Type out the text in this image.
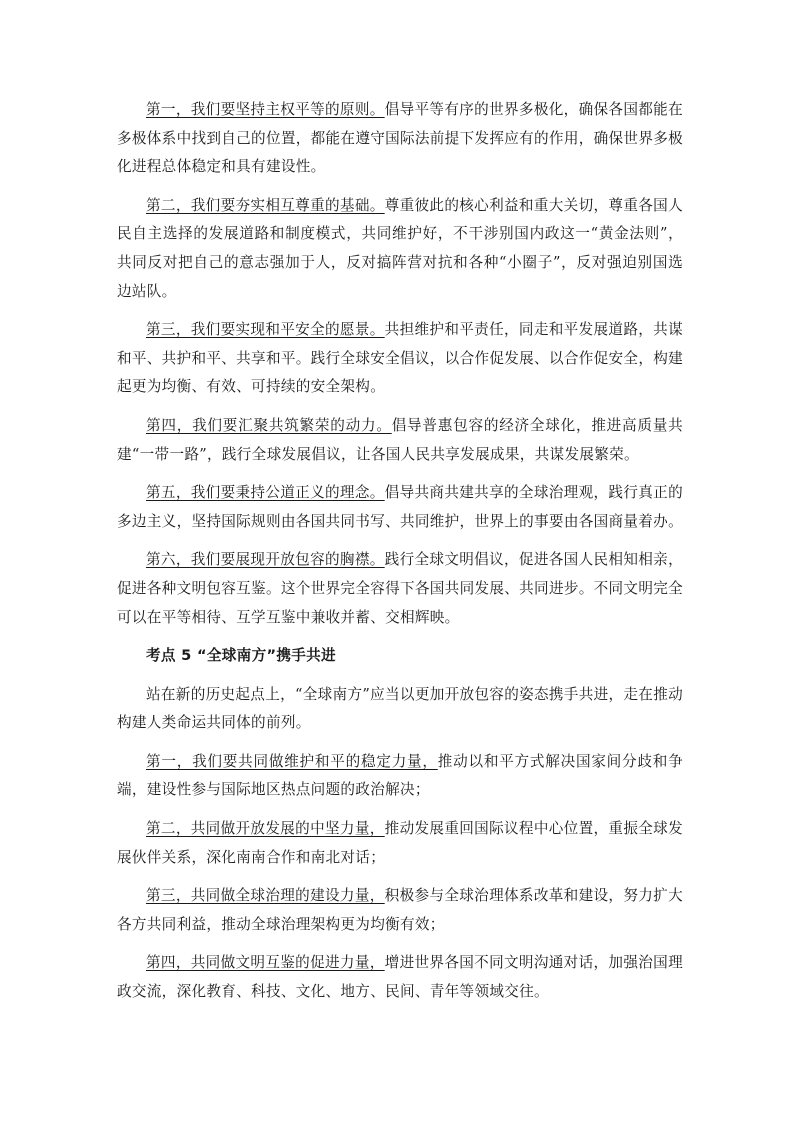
第一，我们要坚持主权平等的原则。倡导平等有序的世界多极化，确保各国都能在多极体系中找到自己的位置，都能在遵守国际法前提下发挥应有的作用，确保世界多极化进程总体稳定和具有建设性。

第二，我们要夯实相互尊重的基础。尊重彼此的核心利益和重大关切，尊重各国人民自主选择的发展道路和制度模式，共同维护好，不干涉别国内政这一“黄金法则”，共同反对把自己的意志强加于人，反对搞阵营对抗和各种“小圈子”，反对强迫别国选边站队。

第三，我们要实现和平安全的愿景。共担维护和平责任，同走和平发展道路，共谋和平、共护和平、共享和平。践行全球安全倡议，以合作促发展、以合作促安全，构建起更为均衡、有效、可持续的安全架构。

第四，我们要汇聚共筑繁荣的动力。倡导普惠包容的经济全球化，推进高质量共建“一带一路”，践行全球发展倡议，让各国人民共享发展成果，共谋发展繁荣。

第五，我们要秉持公道正义的理念。倡导共商共建共享的全球治理观，践行真正的多边主义，坚持国际规则由各国共同书写、共同维护，世界上的事要由各国商量着办。

第六，我们要展现开放包容的胸襟。践行全球文明倡议，促进各国人民相知相亲，促进各种文明包容互鉴。这个世界完全容得下各国共同发展、共同进步。不同文明完全可以在平等相待、互学互鉴中兼收并蓄、交相辉映。

考点 5 “全球南方”携手共进

站在新的历史起点上，“全球南方”应当以更加开放包容的姿态携手共进，走在推动构建人类命运共同体的前列。

第一，我们要共同做维护和平的稳定力量，推动以和平方式解决国家间分歧和争端，建设性参与国际地区热点问题的政治解决；

第二，共同做开放发展的中坚力量，推动发展重回国际议程中心位置，重振全球发展伙伴关系，深化南南合作和南北对话；

第三，共同做全球治理的建设力量，积极参与全球治理体系改革和建设，努力扩大各方共同利益，推动全球治理架构更为均衡有效；

第四，共同做文明互鉴的促进力量，增进世界各国不同文明沟通对话，加强治国理政交流，深化教育、科技、文化、地方、民间、青年等领域交往。
